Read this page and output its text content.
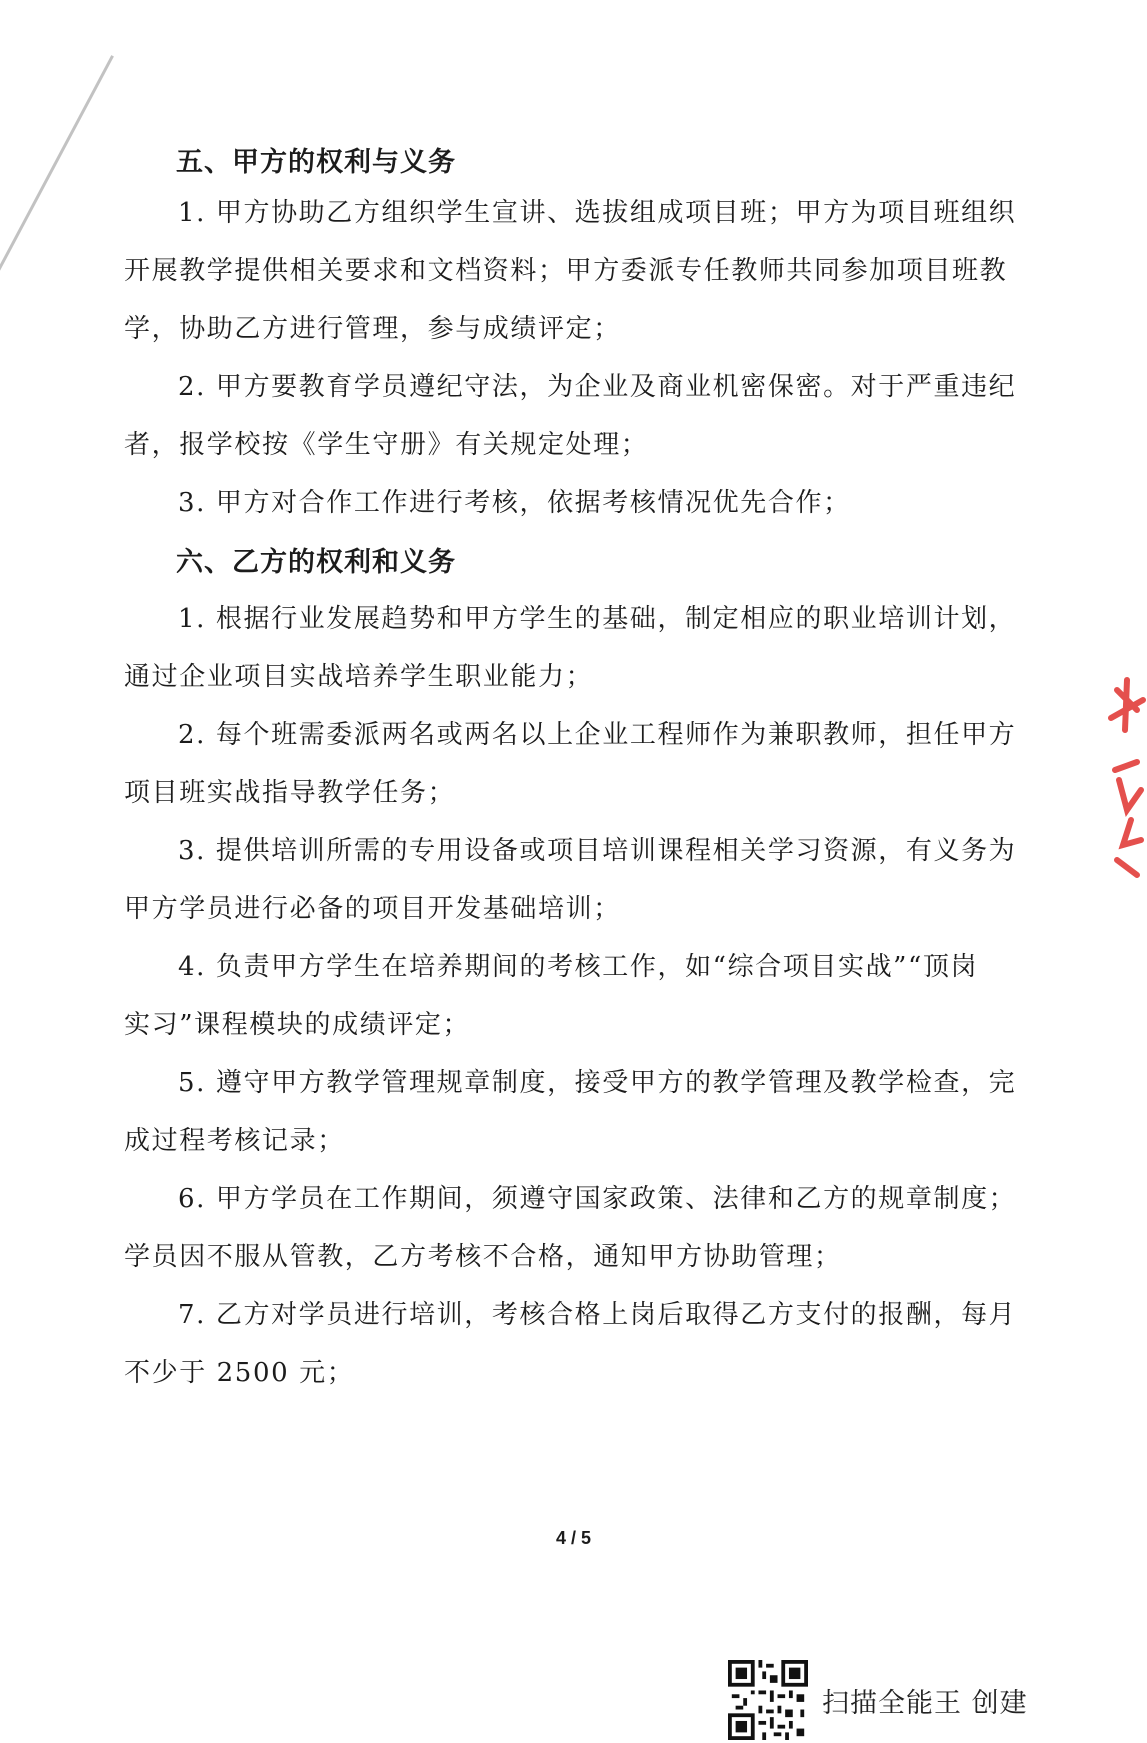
五、甲方的权利与义务
1. 甲方协助乙方组织学生宣讲、选拔组成项目班；甲方为项目班组织
开展教学提供相关要求和文档资料；甲方委派专任教师共同参加项目班教
学，协助乙方进行管理，参与成绩评定；
2. 甲方要教育学员遵纪守法，为企业及商业机密保密。对于严重违纪
者，报学校按《学生守册》有关规定处理；
3. 甲方对合作工作进行考核，依据考核情况优先合作；
六、乙方的权利和义务
1. 根据行业发展趋势和甲方学生的基础，制定相应的职业培训计划，
通过企业项目实战培养学生职业能力；
2. 每个班需委派两名或两名以上企业工程师作为兼职教师，担任甲方
项目班实战指导教学任务；
3. 提供培训所需的专用设备或项目培训课程相关学习资源，有义务为
甲方学员进行必备的项目开发基础培训；
4. 负责甲方学生在培养期间的考核工作，如“综合项目实战”“顶岗
实习”课程模块的成绩评定；
5. 遵守甲方教学管理规章制度，接受甲方的教学管理及教学检查，完
成过程考核记录；
6. 甲方学员在工作期间，须遵守国家政策、法律和乙方的规章制度；
学员因不服从管教，乙方考核不合格，通知甲方协助管理；
7. 乙方对学员进行培训，考核合格上岗后取得乙方支付的报酬，每月
不少于 2500 元；
4 / 5
扫描全能王 创建
